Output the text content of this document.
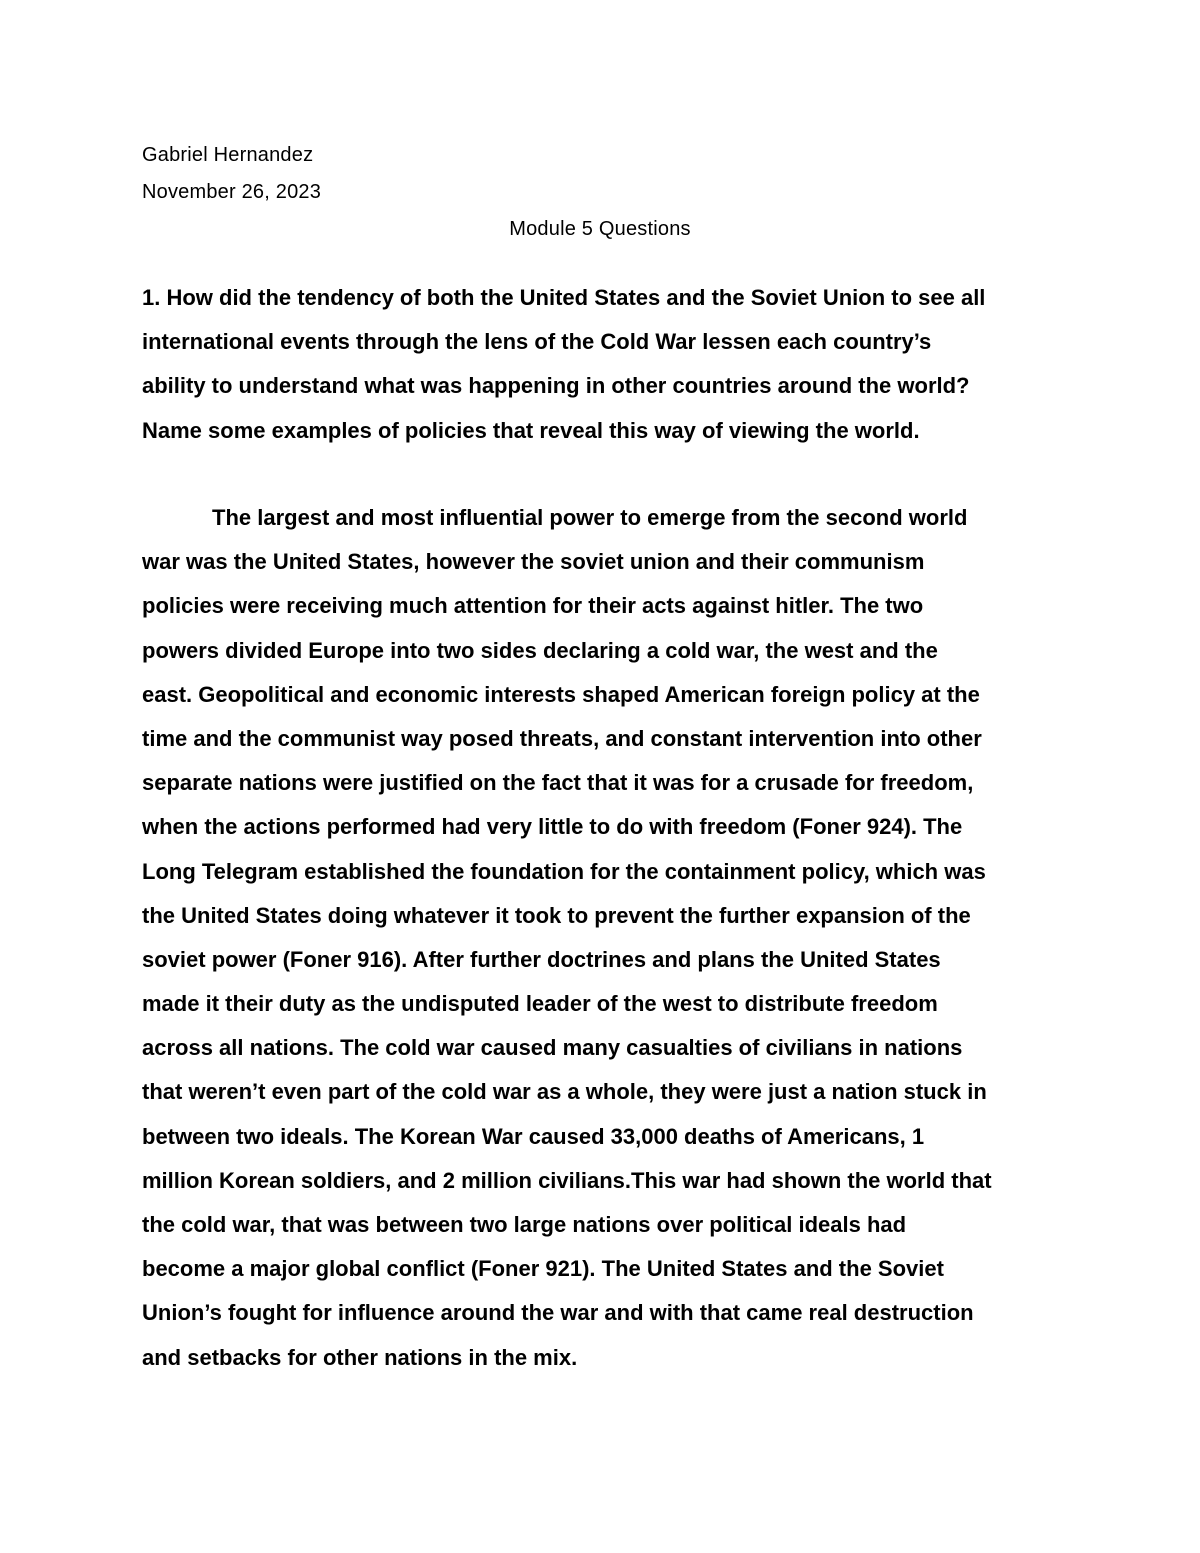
Gabriel Hernandez
November 26, 2023
Module 5 Questions
1. How did the tendency of both the United States and the Soviet Union to see all
international events through the lens of the Cold War lessen each country’s
ability to understand what was happening in other countries around the world?
Name some examples of policies that reveal this way of viewing the world.
The largest and most influential power to emerge from the second world
war was the United States, however the soviet union and their communism
policies were receiving much attention for their acts against hitler. The two
powers divided Europe into two sides declaring a cold war, the west and the
east. Geopolitical and economic interests shaped American foreign policy at the
time and the communist way posed threats, and constant intervention into other
separate nations were justified on the fact that it was for a crusade for freedom,
when the actions performed had very little to do with freedom (Foner 924). The
Long Telegram established the foundation for the containment policy, which was
the United States doing whatever it took to prevent the further expansion of the
soviet power (Foner 916). After further doctrines and plans the United States
made it their duty as the undisputed leader of the west to distribute freedom
across all nations. The cold war caused many casualties of civilians in nations
that weren’t even part of the cold war as a whole, they were just a nation stuck in
between two ideals. The Korean War caused 33,000 deaths of Americans, 1
million Korean soldiers, and 2 million civilians.This war had shown the world that
the cold war, that was between two large nations over political ideals had
become a major global conflict (Foner 921). The United States and the Soviet
Union’s fought for influence around the war and with that came real destruction
and setbacks for other nations in the mix.
